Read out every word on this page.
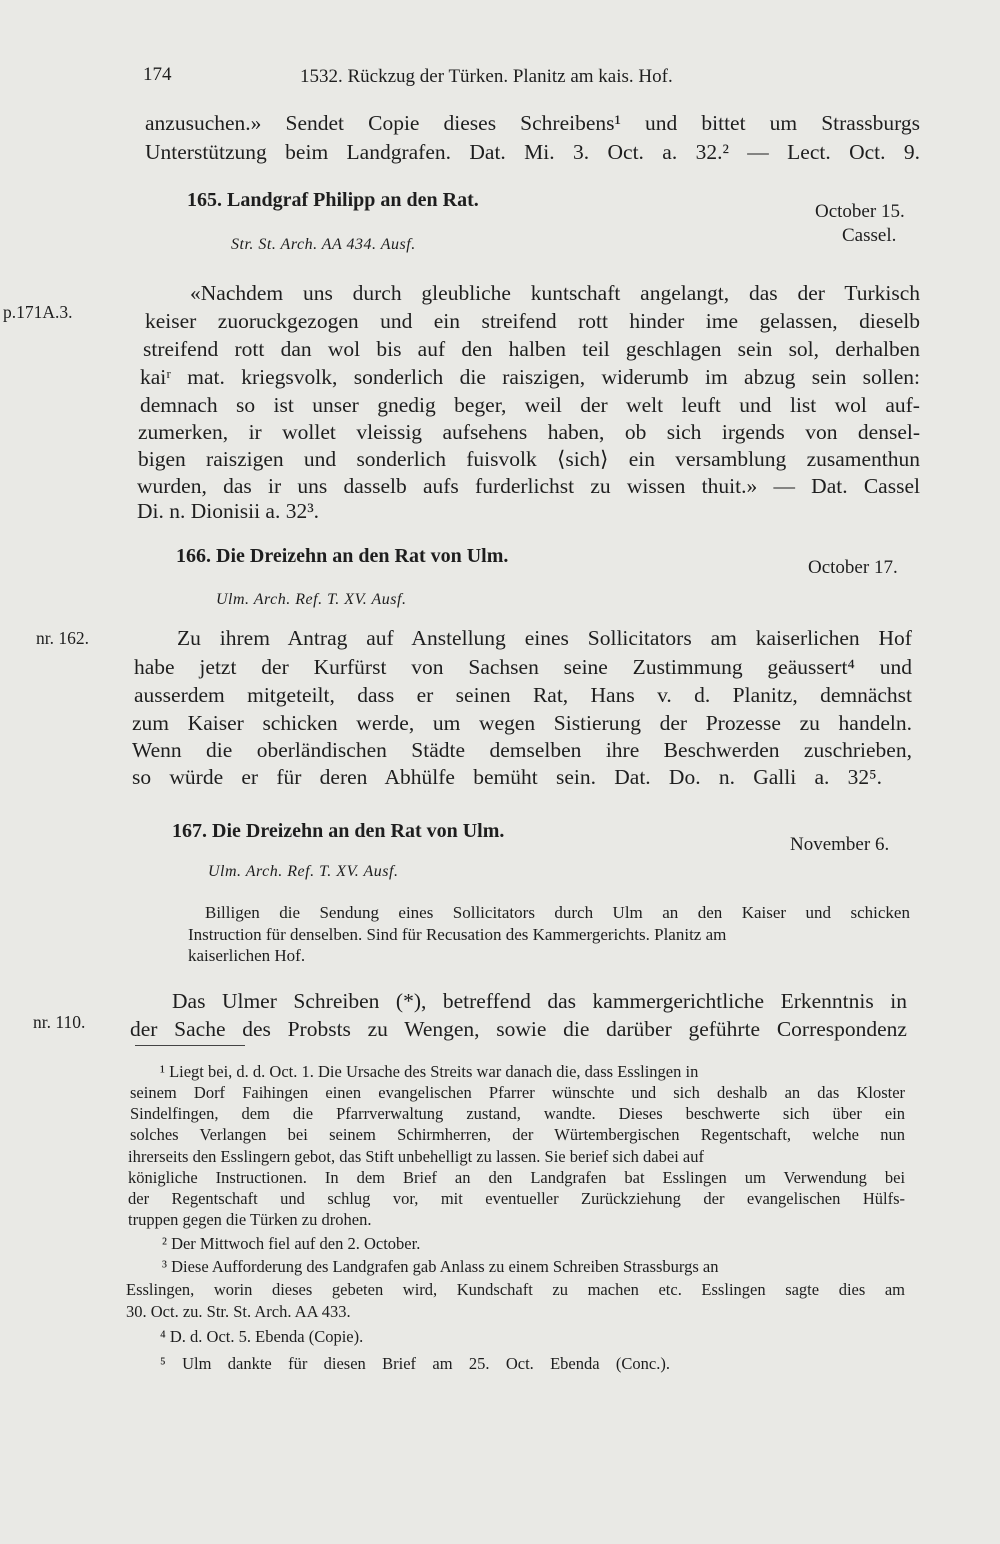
174	1532. Rückzug der Türken. Planitz am kais. Hof.
anzusuchen.» Sendet Copie dieses Schreibens¹ und bittet um Strassburgs
Unterstützung beim Landgrafen. Dat. Mi. 3. Oct. a. 32.² — Lect. Oct. 9.
165. Landgraf Philipp an den Rat.
October 15.
Cassel.
Str. St. Arch. AA 434. Ausf.
p.171A.3.
«Nachdem uns durch gleubliche kuntschaft angelangt, das der Turkisch
keiser zuoruckgezogen und ein streifend rott hinder ime gelassen, dieselb
streifend rott dan wol bis auf den halben teil geschlagen sein sol, derhalben
kaiʳ mat. kriegsvolk, sonderlich die raiszigen, widerumb im abzug sein sollen:
demnach so ist unser gnedig beger, weil der welt leuft und list wol auf-
zumerken, ir wollet vleissig aufsehens haben, ob sich irgends von densel-
bigen raiszigen und sonderlich fuisvolk ⟨sich⟩ ein versamblung zusamenthun
wurden, das ir uns dasselb aufs furderlichst zu wissen thuit.» — Dat. Cassel
Di. n. Dionisii a. 32³.
166. Die Dreizehn an den Rat von Ulm.
October 17.
Ulm. Arch. Ref. T. XV. Ausf.
nr. 162.	Zu ihrem Antrag auf Anstellung eines Sollicitators am kaiserlichen Hof
habe jetzt der Kurfürst von Sachsen seine Zustimmung geäussert⁴ und
ausserdem mitgeteilt, dass er seinen Rat, Hans v. d. Planitz, demnächst
zum Kaiser schicken werde, um wegen Sistierung der Prozesse zu handeln.
Wenn die oberländischen Städte demselben ihre Beschwerden zuschrieben,
so würde er für deren Abhülfe bemüht sein. Dat. Do. n. Galli a. 32⁵.
167. Die Dreizehn an den Rat von Ulm.
November 6.
Ulm. Arch. Ref. T. XV. Ausf.
Billigen die Sendung eines Sollicitators durch Ulm an den Kaiser und schicken
Instruction für denselben. Sind für Recusation des Kammergerichts. Planitz am
kaiserlichen Hof.
nr. 110.
Das Ulmer Schreiben (*), betreffend das kammergerichtliche Erkenntnis in
der Sache des Probsts zu Wengen, sowie die darüber geführte Correspondenz
¹ Liegt bei, d. d. Oct. 1. Die Ursache des Streits war danach die, dass Esslingen in
seinem Dorf Faihingen einen evangelischen Pfarrer wünschte und sich deshalb an das Kloster
Sindelfingen, dem die Pfarrverwaltung zustand, wandte. Dieses beschwerte sich über ein
solches Verlangen bei seinem Schirmherren, der Würtembergischen Regentschaft, welche nun
ihrerseits den Esslingern gebot, das Stift unbehelligt zu lassen. Sie berief sich dabei auf
königliche Instructionen. In dem Brief an den Landgrafen bat Esslingen um Verwendung bei
der Regentschaft und schlug vor, mit eventueller Zurückziehung der evangelischen Hülfs-
truppen gegen die Türken zu drohen.
² Der Mittwoch fiel auf den 2. October.
³ Diese Aufforderung des Landgrafen gab Anlass zu einem Schreiben Strassburgs an
Esslingen, worin dieses gebeten wird, Kundschaft zu machen etc. Esslingen sagte dies am
30. Oct. zu. Str. St. Arch. AA 433.
⁴ D. d. Oct. 5. Ebenda (Copie).
⁵ Ulm dankte für diesen Brief am 25. Oct. Ebenda (Conc.).
